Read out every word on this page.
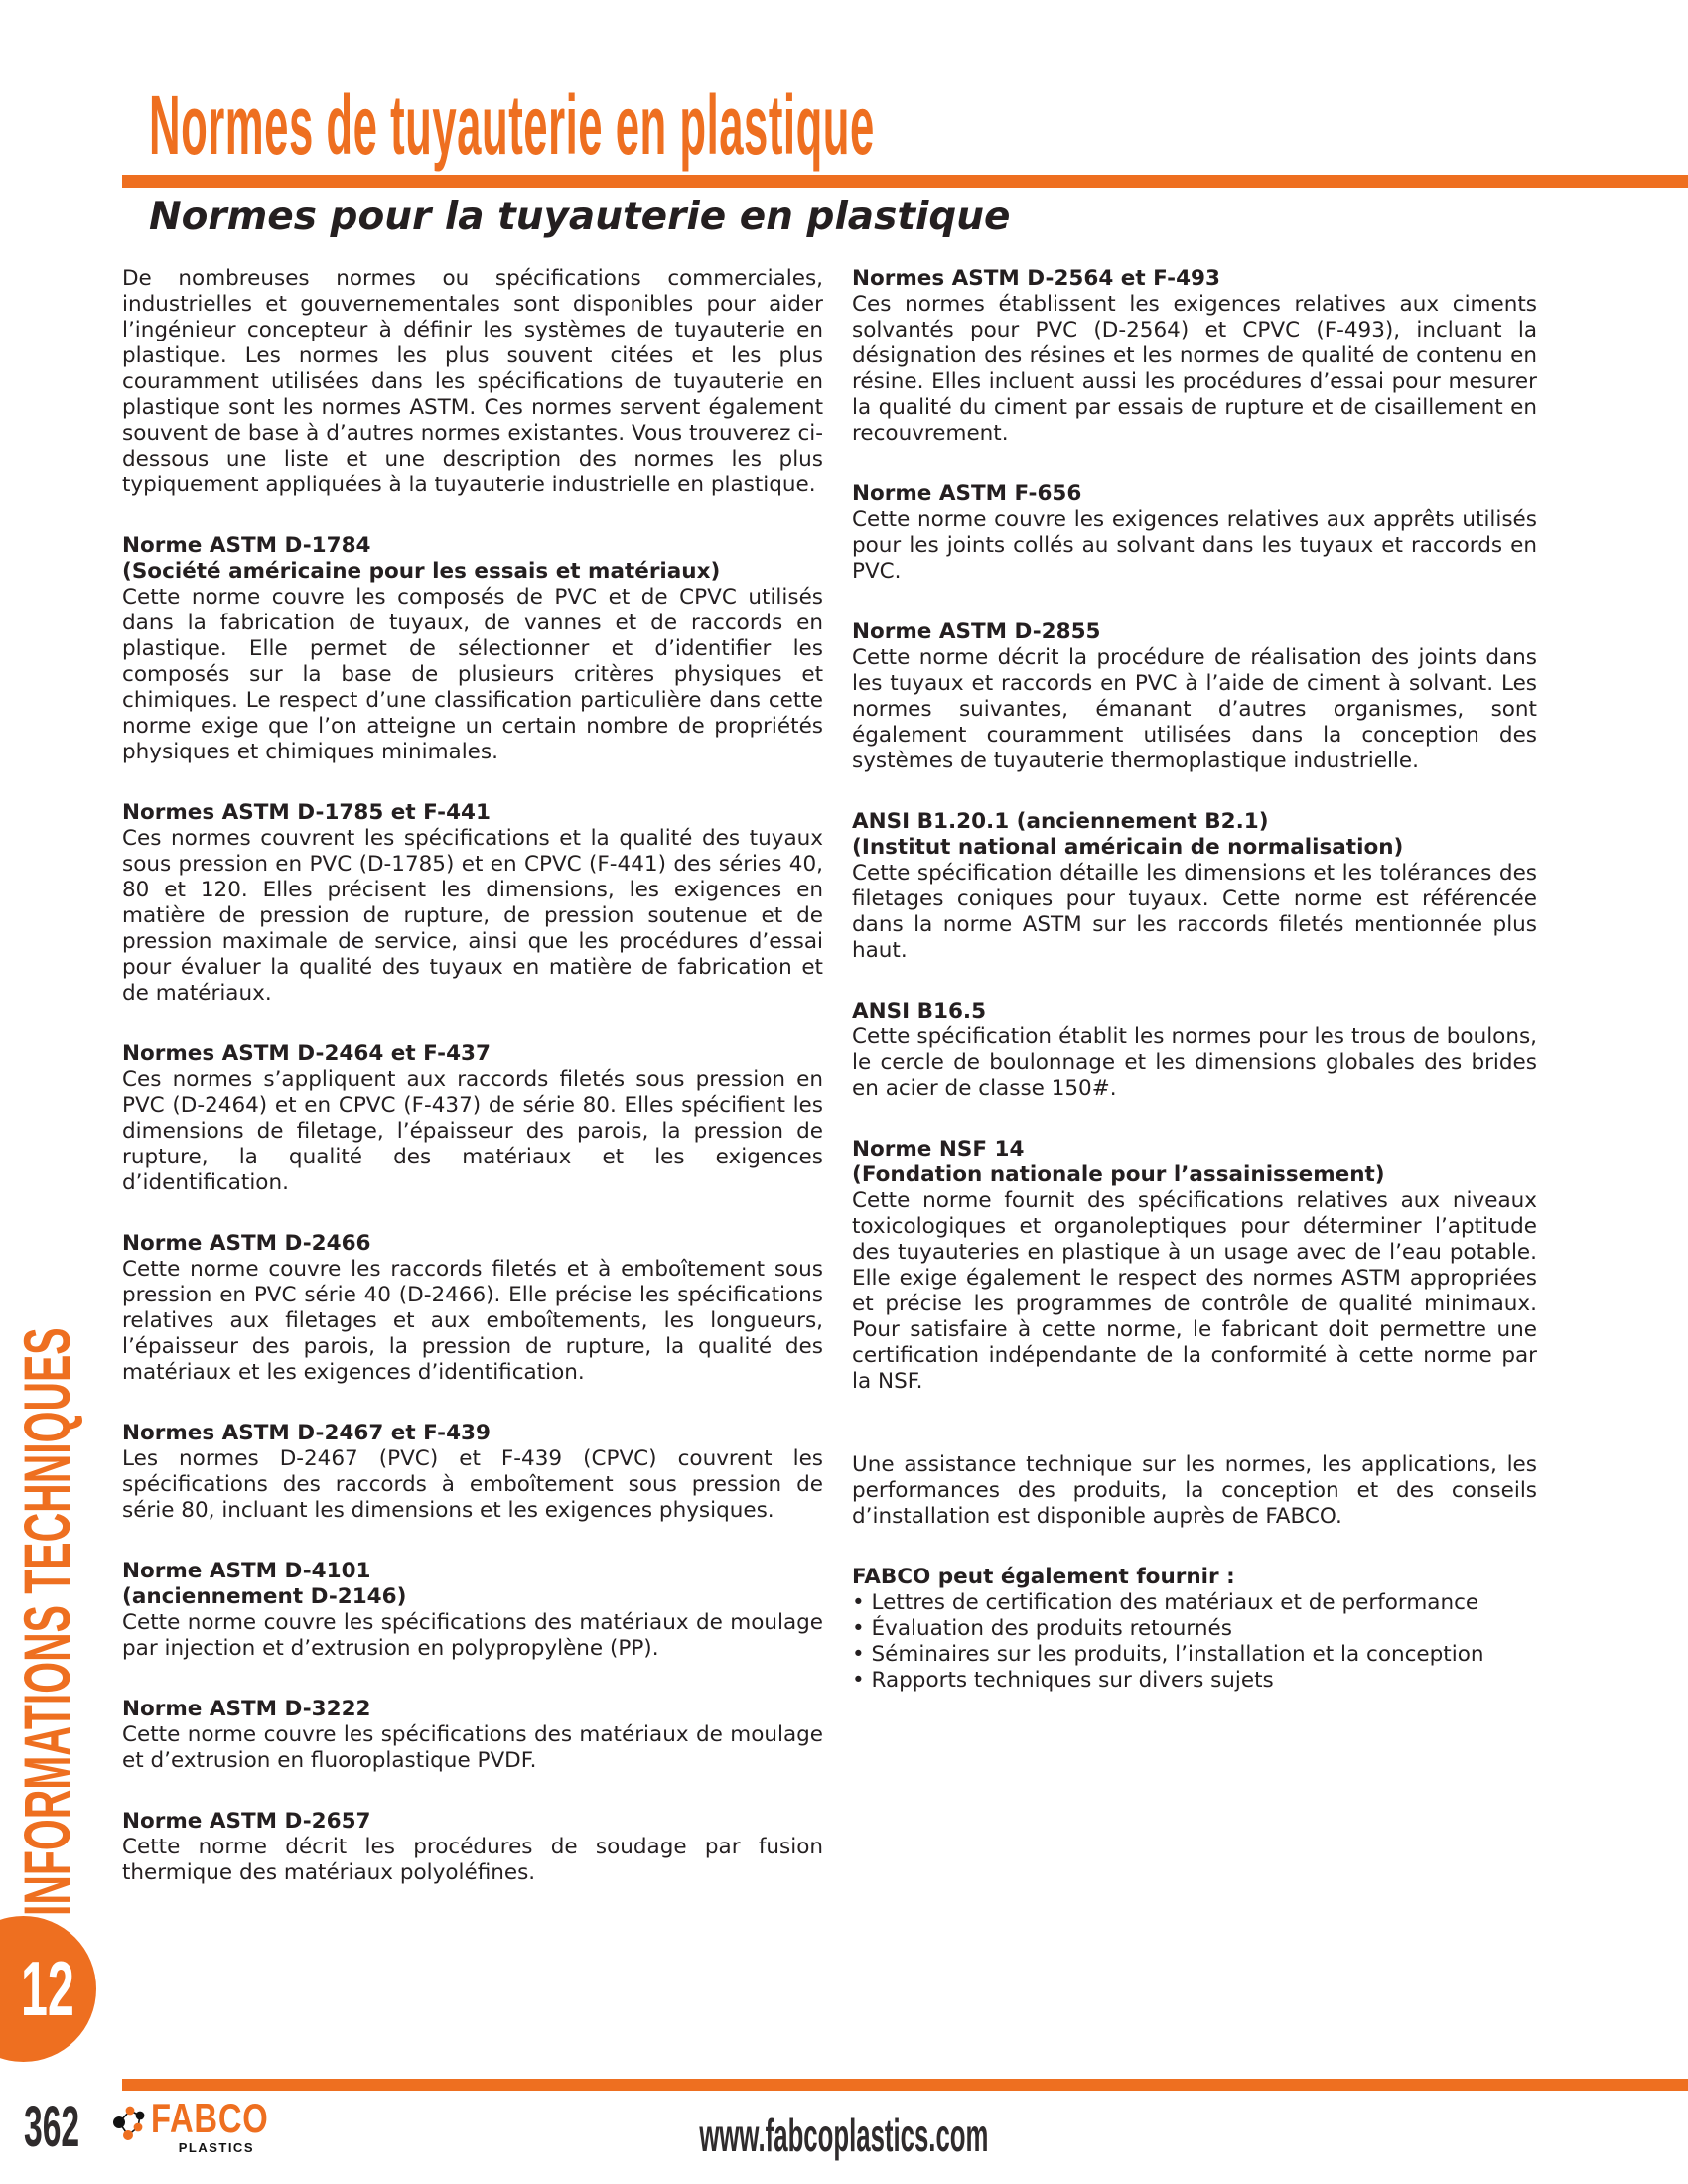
Normes de tuyauterie en plastique
Normes pour la tuyauterie en plastique
De nombreuses normes ou spécifications commerciales, industrielles et gouvernementales sont disponibles pour aider l’ingénieur concepteur à définir les systèmes de tuyauterie en plastique. Les normes les plus souvent citées et les plus couramment utilisées dans les spécifications de tuyauterie en plastique sont les normes ASTM. Ces normes servent également souvent de base à d’autres normes existantes. Vous trouverez ci-dessous une liste et une description des normes les plus typiquement appliquées à la tuyauterie industrielle en plastique.
Norme ASTM D-1784
(Société américaine pour les essais et matériaux)
Cette norme couvre les composés de PVC et de CPVC utilisés dans la fabrication de tuyaux, de vannes et de raccords en plastique. Elle permet de sélectionner et d’identifier les composés sur la base de plusieurs critères physiques et chimiques. Le respect d’une classification particulière dans cette norme exige que l’on atteigne un certain nombre de propriétés physiques et chimiques minimales.
Normes ASTM D-1785 et F-441
Ces normes couvrent les spécifications et la qualité des tuyaux sous pression en PVC (D-1785) et en CPVC (F-441) des séries 40, 80 et 120. Elles précisent les dimensions, les exigences en matière de pression de rupture, de pression soutenue et de pression maximale de service, ainsi que les procédures d’essai pour évaluer la qualité des tuyaux en matière de fabrication et de matériaux.
Normes ASTM D-2464 et F-437
Ces normes s’appliquent aux raccords filetés sous pression en PVC (D-2464) et en CPVC (F-437) de série 80. Elles spécifient les dimensions de filetage, l’épaisseur des parois, la pression de rupture, la qualité des matériaux et les exigences d’identification.
Norme ASTM D-2466
Cette norme couvre les raccords filetés et à emboîtement sous pression en PVC série 40 (D-2466). Elle précise les spécifications relatives aux filetages et aux emboîtements, les longueurs, l’épaisseur des parois, la pression de rupture, la qualité des matériaux et les exigences d’identification.
Normes ASTM D-2467 et F-439
Les normes D-2467 (PVC) et F-439 (CPVC) couvrent les spécifications des raccords à emboîtement sous pression de série 80, incluant les dimensions et les exigences physiques.
Norme ASTM D-4101
(anciennement D-2146)
Cette norme couvre les spécifications des matériaux de moulage par injection et d’extrusion en polypropylène (PP).
Norme ASTM D-3222
Cette norme couvre les spécifications des matériaux de moulage et d’extrusion en fluoroplastique PVDF.
Norme ASTM D-2657
Cette norme décrit les procédures de soudage par fusion thermique des matériaux polyoléfines.
Normes ASTM D-2564 et F-493
Ces normes établissent les exigences relatives aux ciments solvantés pour PVC (D-2564) et CPVC (F-493), incluant la désignation des résines et les normes de qualité de contenu en résine. Elles incluent aussi les procédures d’essai pour mesurer la qualité du ciment par essais de rupture et de cisaillement en recouvrement.
Norme ASTM F-656
Cette norme couvre les exigences relatives aux apprêts utilisés pour les joints collés au solvant dans les tuyaux et raccords en PVC.
Norme ASTM D-2855
Cette norme décrit la procédure de réalisation des joints dans les tuyaux et raccords en PVC à l’aide de ciment à solvant. Les normes suivantes, émanant d’autres organismes, sont également couramment utilisées dans la conception des systèmes de tuyauterie thermoplastique industrielle.
ANSI B1.20.1 (anciennement B2.1)
(Institut national américain de normalisation)
Cette spécification détaille les dimensions et les tolérances des filetages coniques pour tuyaux. Cette norme est référencée dans la norme ASTM sur les raccords filetés mentionnée plus haut.
ANSI B16.5
Cette spécification établit les normes pour les trous de boulons, le cercle de boulonnage et les dimensions globales des brides en acier de classe 150#.
Norme NSF 14
(Fondation nationale pour l’assainissement)
Cette norme fournit des spécifications relatives aux niveaux toxicologiques et organoleptiques pour déterminer l’aptitude des tuyauteries en plastique à un usage avec de l’eau potable. Elle exige également le respect des normes ASTM appropriées et précise les programmes de contrôle de qualité minimaux. Pour satisfaire à cette norme, le fabricant doit permettre une certification indépendante de la conformité à cette norme par la NSF.
Une assistance technique sur les normes, les applications, les performances des produits, la conception et des conseils d’installation est disponible auprès de FABCO.
FABCO peut également fournir :
• Lettres de certification des matériaux et de performance
• Évaluation des produits retournés
• Séminaires sur les produits, l’installation et la conception
• Rapports techniques sur divers sujets
INFORMATIONS TECHNIQUES
12
362 FABCO
PLASTICS	www.fabcoplastics.com
